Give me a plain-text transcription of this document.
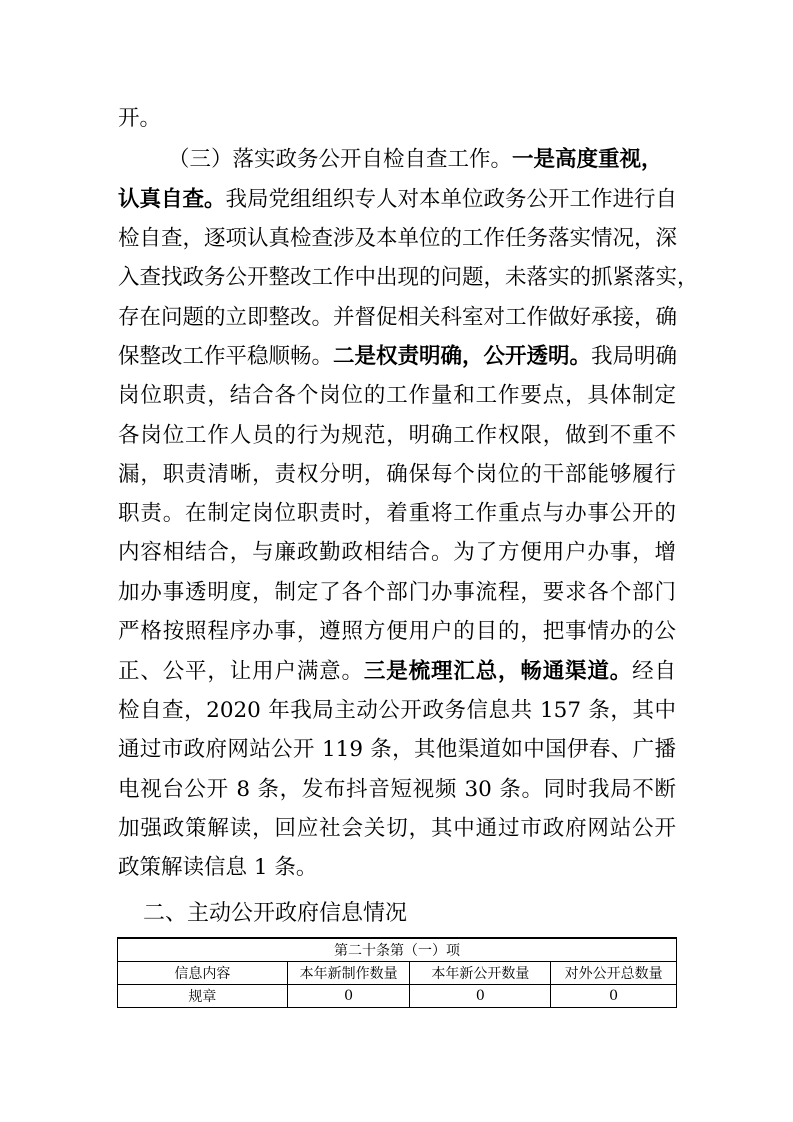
开。
（三）落实政务公开自检自查工作。一是高度重视，
认真自查。我局党组组织专人对本单位政务公开工作进行自
检自查，逐项认真检查涉及本单位的工作任务落实情况，深
入查找政务公开整改工作中出现的问题，未落实的抓紧落实，
存在问题的立即整改。并督促相关科室对工作做好承接，确
保整改工作平稳顺畅。二是权责明确，公开透明。我局明确
岗位职责，结合各个岗位的工作量和工作要点，具体制定
各岗位工作人员的行为规范，明确工作权限，做到不重不
漏，职责清晰，责权分明，确保每个岗位的干部能够履行
职责。在制定岗位职责时，着重将工作重点与办事公开的
内容相结合，与廉政勤政相结合。为了方便用户办事，增
加办事透明度，制定了各个部门办事流程，要求各个部门
严格按照程序办事，遵照方便用户的目的，把事情办的公
正、公平，让用户满意。三是梳理汇总，畅通渠道。经自
检自查，2020 年我局主动公开政务信息共 157 条，其中
通过市政府网站公开 119 条，其他渠道如中国伊春、广播
电视台公开 8 条，发布抖音短视频 30 条。同时我局不断
加强政策解读，回应社会关切，其中通过市政府网站公开
政策解读信息 1 条。
二、主动公开政府信息情况
第二十条第（一）项			
信息内容	本年新制作数量	本年新公开数量	对外公开总数量
规章	0	0	0
